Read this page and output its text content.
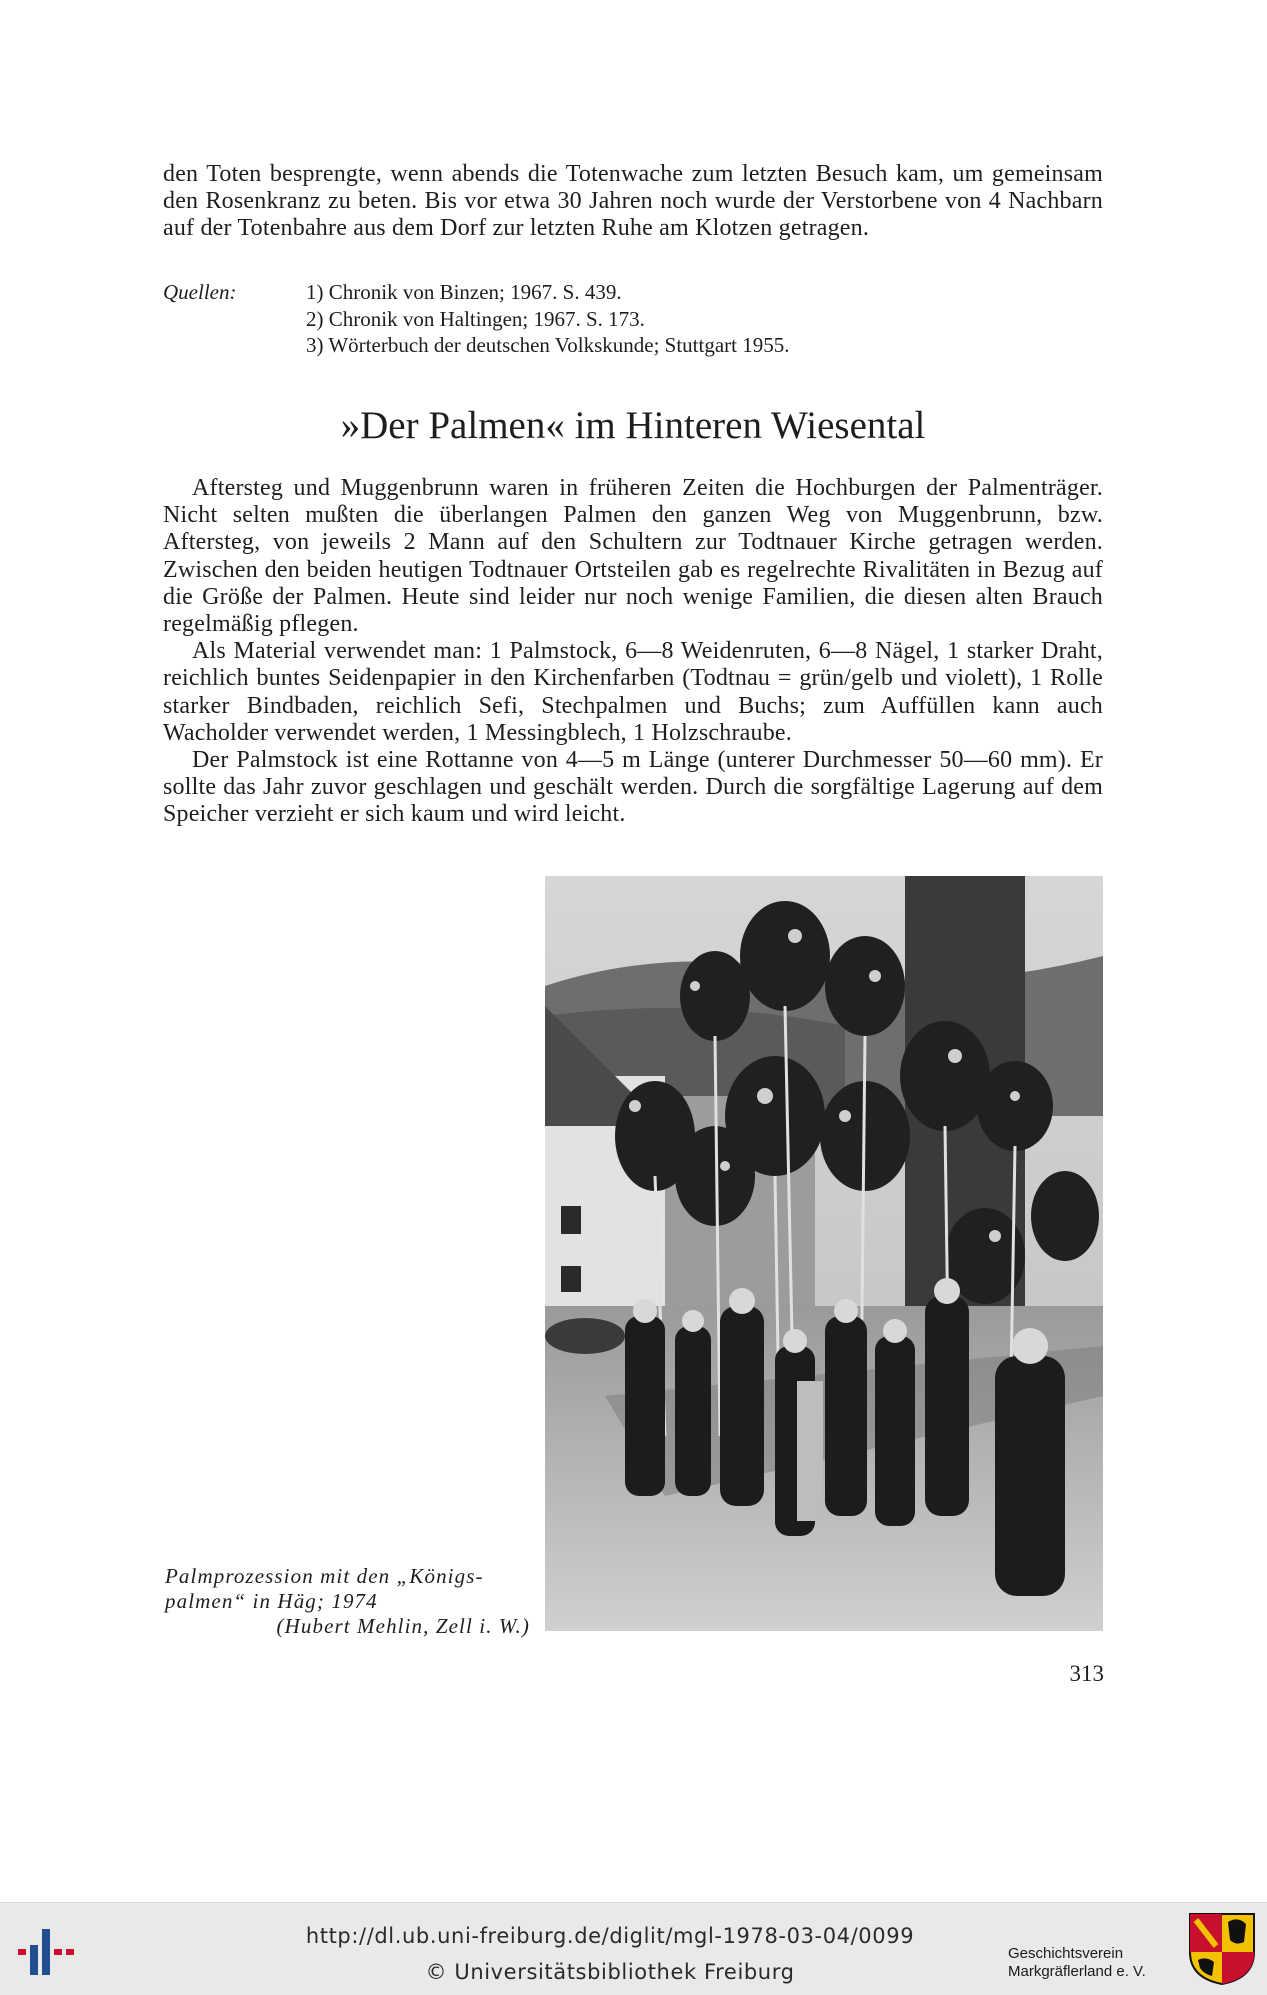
den Toten besprengte, wenn abends die Totenwache zum letzten Besuch kam, um gemeinsam den Rosenkranz zu beten. Bis vor etwa 30 Jahren noch wurde der Verstorbene von 4 Nachbarn auf der Totenbahre aus dem Dorf zur letzten Ruhe am Klotzen getragen.

Quellen:	1) Chronik von Binzen; 1967. S. 439.
2) Chronik von Haltingen; 1967. S. 173.
3) Wörterbuch der deutschen Volkskunde; Stuttgart 1955.
»Der Palmen« im Hinteren Wiesental

Aftersteg und Muggenbrunn waren in früheren Zeiten die Hochburgen der Palmenträger. Nicht selten mußten die überlangen Palmen den ganzen Weg von Muggenbrunn, bzw. Aftersteg, von jeweils 2 Mann auf den Schultern zur Todtnauer Kirche getragen werden. Zwischen den beiden heutigen Todtnauer Ortsteilen gab es regelrechte Rivalitäten in Bezug auf die Größe der Palmen. Heute sind leider nur noch wenige Familien, die diesen alten Brauch regelmäßig pflegen.

Als Material verwendet man: 1 Palmstock, 6—8 Weidenruten, 6—8 Nägel, 1 starker Draht, reichlich buntes Seidenpapier in den Kirchenfarben (Todtnau = grün/gelb und violett), 1 Rolle starker Bindbaden, reichlich Sefi, Stechpalmen und Buchs; zum Auffüllen kann auch Wacholder verwendet werden, 1 Messingblech, 1 Holzschraube.

Der Palmstock ist eine Rottanne von 4—5 m Länge (unterer Durchmesser 50—60 mm). Er sollte das Jahr zuvor geschlagen und geschält werden. Durch die sorgfältige Lagerung auf dem Speicher verzieht er sich kaum und wird leicht.

Palmprozession mit den „Königs-
palmen“ in Häg; 1974

(Hubert Mehlin, Zell i. W.)
313
http://dl.ub.uni-freiburg.de/diglit/mgl-1978-03-04/0099
© Universitätsbibliothek Freiburg
Geschichtsverein
Markgräflerland e. V.
